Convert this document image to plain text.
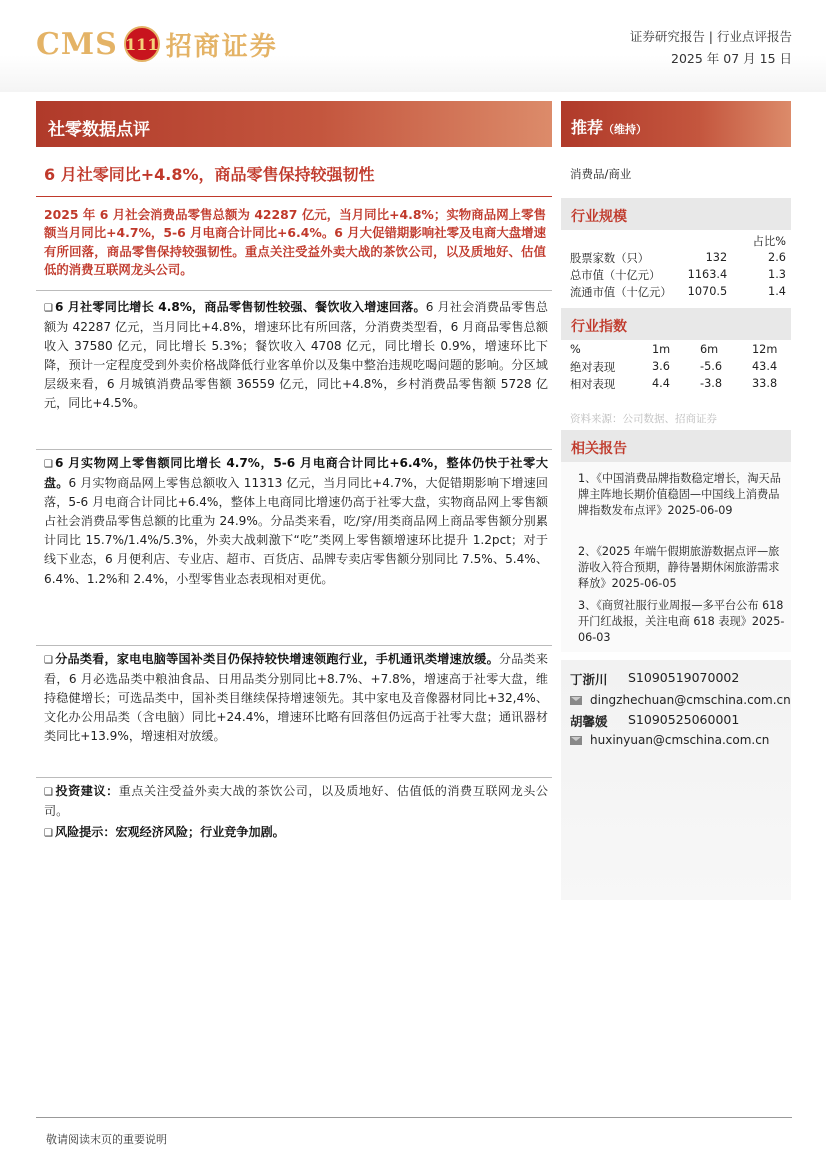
CMS 111 招商证券	证券研究报告 | 行业点评报告
2025 年 07 月 15 日
社零数据点评
6 月社零同比+4.8%，商品零售保持较强韧性
2025 年 6 月社会消费品零售总额为 42287 亿元，当月同比+4.8%；实物商品网上零售额当月同比+4.7%，5-6 月电商合计同比+6.4%。6 月大促错期影响社零及电商大盘增速有所回落，商品零售保持较强韧性。重点关注受益外卖大战的茶饮公司，以及质地好、估值低的消费互联网龙头公司。
❑ 6 月社零同比增长 4.8%，商品零售韧性较强、餐饮收入增速回落。6 月社会消费品零售总额为 42287 亿元，当月同比+4.8%，增速环比有所回落，分消费类型看，6 月商品零售总额收入 37580 亿元，同比增长 5.3%；餐饮收入 4708 亿元，同比增长 0.9%，增速环比下降，预计一定程度受到外卖价格战降低行业客单价以及集中整治违规吃喝问题的影响。分区域层级来看，6 月城镇消费品零售额 36559 亿元，同比+4.8%，乡村消费品零售额 5728 亿元，同比+4.5%。
❑ 6 月实物网上零售额同比增长 4.7%，5-6 月电商合计同比+6.4%，整体仍快于社零大盘。6 月实物商品网上零售总额收入 11313 亿元，当月同比+4.7%，大促错期影响下增速回落，5-6 月电商合计同比+6.4%，整体上电商同比增速仍高于社零大盘，实物商品网上零售额占社会消费品零售总额的比重为 24.9%。分品类来看，吃/穿/用类商品网上商品零售额分别累计同比 15.7%/1.4%/5.3%，外卖大战刺激下“吃”类网上零售额增速环比提升 1.2pct；对于线下业态，6 月便利店、专业店、超市、百货店、品牌专卖店零售额分别同比 7.5%、5.4%、6.4%、1.2%和 2.4%，小型零售业态表现相对更优。
❑ 分品类看，家电电脑等国补类目仍保持较快增速领跑行业，手机通讯类增速放缓。分品类来看，6 月必选品类中粮油食品、日用品类分别同比+8.7%、+7.8%，增速高于社零大盘，维持稳健增长；可选品类中，国补类目继续保持增速领先。其中家电及音像器材同比+32,4%、文化办公用品类（含电脑）同比+24.4%，增速环比略有回落但仍远高于社零大盘；通讯器材类同比+13.9%，增速相对放缓。
❑ 投资建议：重点关注受益外卖大战的茶饮公司，以及质地好、估值低的消费互联网龙头公司。
❑ 风险提示：宏观经济风险；行业竞争加剧。
推荐（维持）
消费品/商业
行业规模
		占比%
股票家数（只）	132	2.6
总市值（十亿元）	1163.4	1.3
流通市值（十亿元）	1070.5	1.4
行业指数
%	1m	6m	12m
绝对表现	3.6	-5.6	43.4
相对表现	4.4	-3.8	33.8
资料来源：公司数据、招商证券
相关报告
1、《中国消费品牌指数稳定增长，淘天品牌主阵地长期价值稳固—中国线上消费品牌指数发布点评》2025-06-09
2、《2025 年端午假期旅游数据点评—旅游收入符合预期，静待暑期休闲旅游需求释放》2025-06-05
3、《商贸社服行业周报—多平台公布 618 开门红战报，关注电商 618 表现》2025-06-03
丁浙川	S1090519070002
dingzhechuan@cmschina.com.cn
胡馨媛	S1090525060001
huxinyuan@cmschina.com.cn
敬请阅读末页的重要说明
